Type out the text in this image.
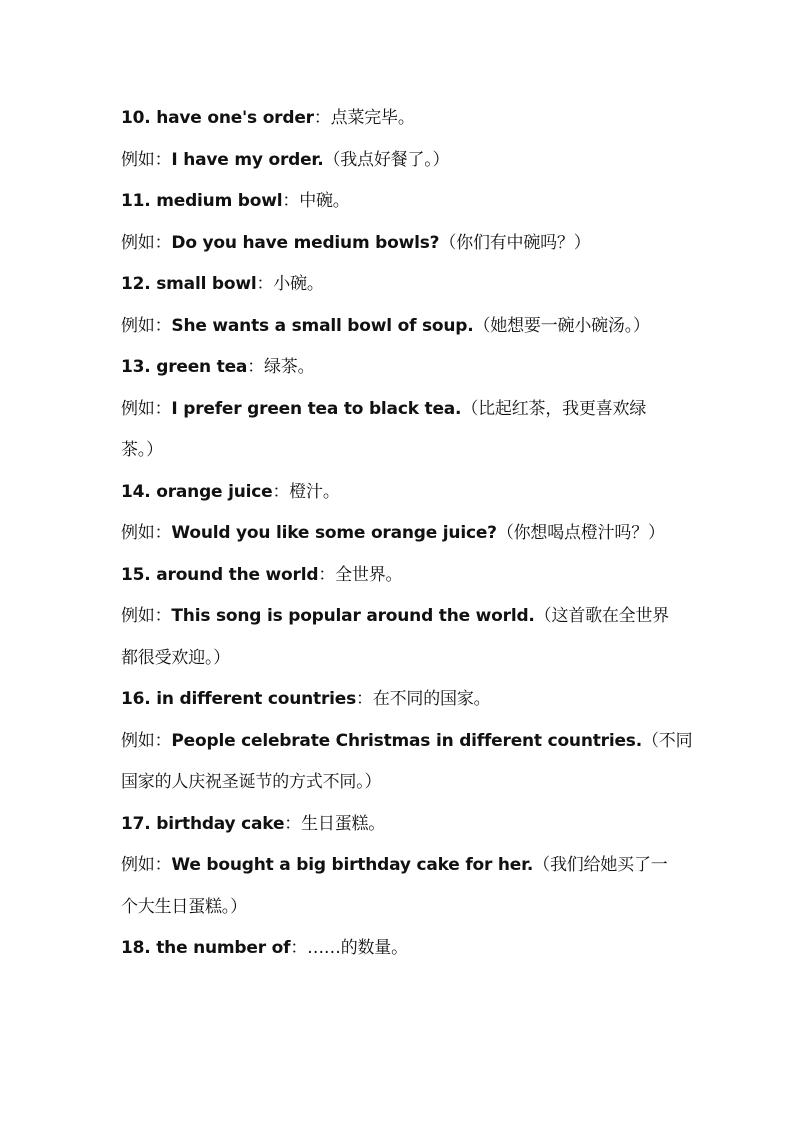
10. have one's order：点菜完毕。
例如：I have my order.（我点好餐了。）
11. medium bowl：中碗。
例如：Do you have medium bowls?（你们有中碗吗？）
12. small bowl：小碗。
例如：She wants a small bowl of soup.（她想要一碗小碗汤。）
13. green tea：绿茶。
例如：I prefer green tea to black tea.（比起红茶，我更喜欢绿
茶。）
14. orange juice：橙汁。
例如：Would you like some orange juice?（你想喝点橙汁吗？）
15. around the world：全世界。
例如：This song is popular around the world.（这首歌在全世界
都很受欢迎。）
16. in different countries：在不同的国家。
例如：People celebrate Christmas in different countries.（不同
国家的人庆祝圣诞节的方式不同。）
17. birthday cake：生日蛋糕。
例如：We bought a big birthday cake for her.（我们给她买了一
个大生日蛋糕。）
18. the number of：……的数量。
